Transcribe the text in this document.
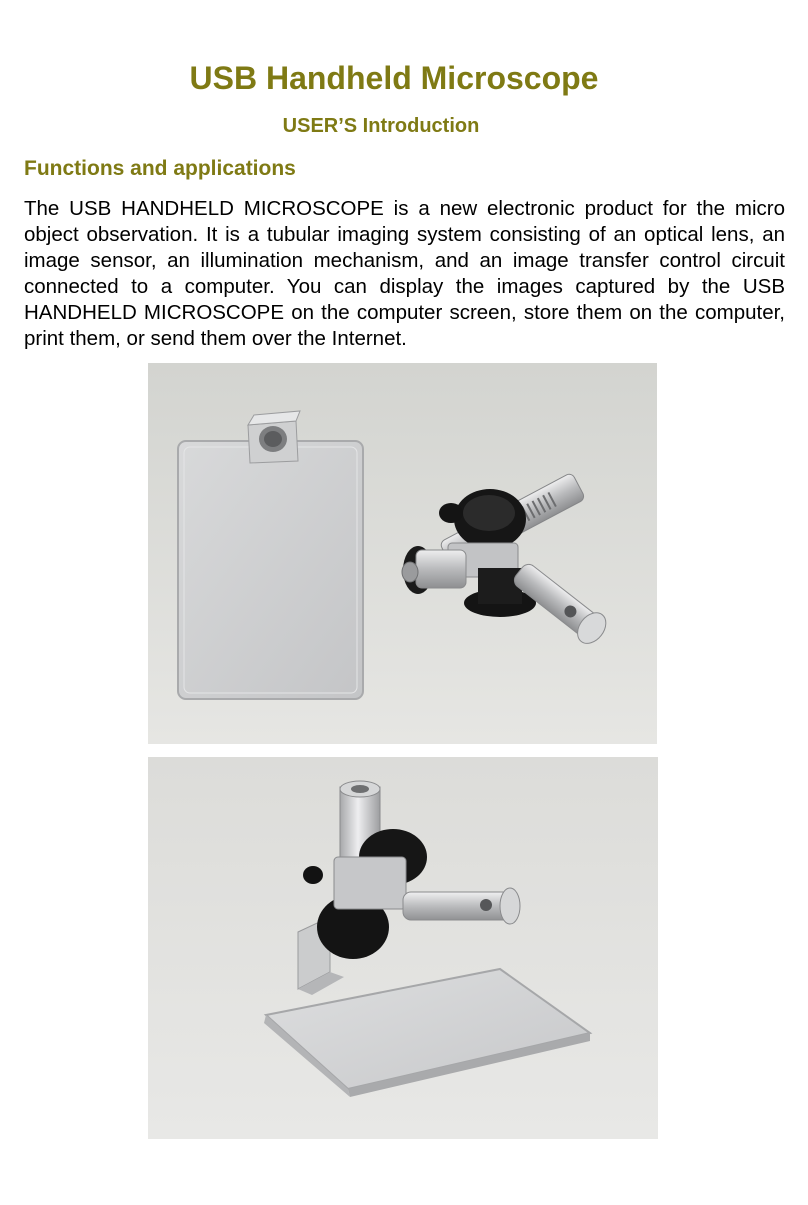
USB Handheld Microscope
USER’S Introduction
Functions and applications

The USB HANDHELD MICROSCOPE is a new electronic product for the micro object observation. It is a tubular imaging system consisting of an optical lens, an image sensor, an illumination mechanism, and an image transfer control circuit connected to a computer. You can display the images captured by the USB HANDHELD MICROSCOPE on the computer screen, store them on the computer, print them, or send them over the Internet.
